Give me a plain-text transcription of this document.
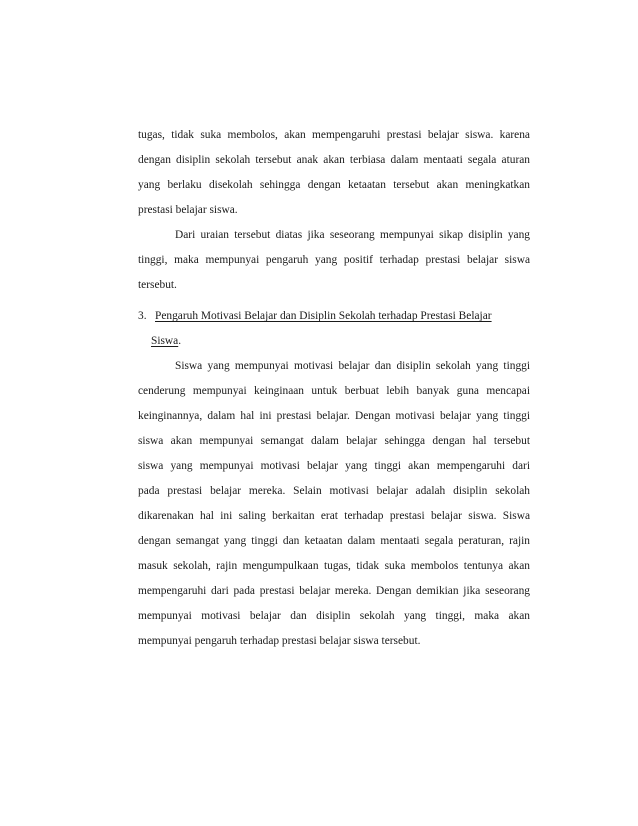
tugas, tidak suka membolos, akan mempengaruhi prestasi belajar siswa. karena
dengan disiplin sekolah tersebut anak akan terbiasa dalam mentaati segala aturan
yang berlaku disekolah sehingga dengan ketaatan tersebut akan meningkatkan
prestasi belajar siswa.
Dari uraian tersebut diatas jika seseorang mempunyai sikap disiplin yang
tinggi, maka mempunyai pengaruh yang positif terhadap prestasi belajar siswa
tersebut.
3. Pengaruh Motivasi Belajar dan Disiplin Sekolah terhadap Prestasi Belajar
Siswa.
Siswa yang mempunyai motivasi belajar dan disiplin sekolah yang tinggi
cenderung mempunyai keinginaan untuk berbuat lebih banyak guna mencapai
keinginannya, dalam hal ini prestasi belajar. Dengan motivasi belajar yang tinggi
siswa akan mempunyai semangat dalam belajar sehingga dengan hal tersebut
siswa yang mempunyai motivasi belajar yang tinggi akan mempengaruhi dari
pada prestasi belajar mereka. Selain motivasi belajar adalah disiplin sekolah
dikarenakan hal ini saling berkaitan erat terhadap prestasi belajar siswa. Siswa
dengan semangat yang tinggi dan ketaatan dalam mentaati segala peraturan, rajin
masuk sekolah, rajin mengumpulkaan tugas, tidak suka membolos tentunya akan
mempengaruhi dari pada prestasi belajar mereka. Dengan demikian jika seseorang
mempunyai motivasi belajar dan disiplin sekolah yang tinggi, maka akan
mempunyai pengaruh terhadap prestasi belajar siswa tersebut.
